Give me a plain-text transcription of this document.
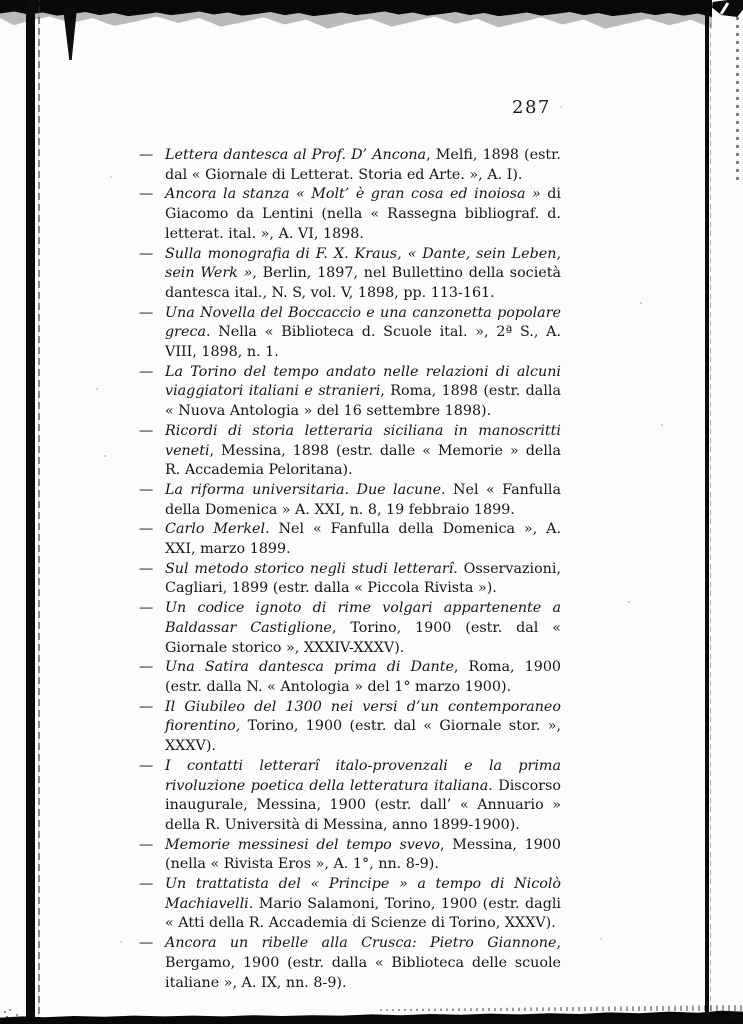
287

— Lettera dantesca al Prof. D’ Ancona, Melfi, 1898 (estr. dal « Giornale di Letterat. Storia ed Arte. », A. I).

— Ancora la stanza « Molt’ è gran cosa ed inoiosa » di Giacomo da Lentini (nella « Rassegna bibliograf. d. letterat. ital. », A. VI, 1898.

— Sulla monografia di F. X. Kraus, « Dante, sein Leben, sein Werk », Berlin, 1897, nel Bullettino della società dantesca ital., N. S, vol. V, 1898, pp. 113-161.

— Una Novella del Boccaccio e una canzonetta popolare greca. Nella « Biblioteca d. Scuole ital. », 2ª S., A. VIII, 1898, n. 1.

— La Torino del tempo andato nelle relazioni di alcuni viaggiatori italiani e stranieri, Roma, 1898 (estr. dalla « Nuova Antologia » del 16 settembre 1898).

— Ricordi di storia letteraria siciliana in manoscritti veneti, Messina, 1898 (estr. dalle « Memorie » della R. Accademia Peloritana).

— La riforma universitaria. Due lacune. Nel « Fanfulla della Domenica » A. XXI, n. 8, 19 febbraio 1899.

— Carlo Merkel. Nel « Fanfulla della Domenica », A. XXI, marzo 1899.

— Sul metodo storico negli studi letterarî. Osservazioni, Cagliari, 1899 (estr. dalla « Piccola Rivista »).

— Un codice ignoto di rime volgari appartenente a Baldassar Castiglione, Torino, 1900 (estr. dal « Giornale storico », XXXIV-XXXV).

— Una Satira dantesca prima di Dante, Roma, 1900 (estr. dalla N. « Antologia » del 1° marzo 1900).

— Il Giubileo del 1300 nei versi d’un contemporaneo fiorentino, Torino, 1900 (estr. dal « Giornale stor. », XXXV).

— I contatti letterarî italo-provenzali e la prima rivoluzione poetica della letteratura italiana. Discorso inaugurale, Messina, 1900 (estr. dall’ « Annuario » della R. Università di Messina, anno 1899-1900).

— Memorie messinesi del tempo svevo, Messina, 1900 (nella « Rivista Eros », A. 1°, nn. 8-9).

— Un trattatista del « Principe » a tempo di Nicolò Machiavelli. Mario Salamoni, Torino, 1900 (estr. dagli « Atti della R. Accademia di Scienze di Torino, XXXV).

— Ancora un ribelle alla Crusca: Pietro Giannone, Bergamo, 1900 (estr. dalla « Biblioteca delle scuole italiane », A. IX, nn. 8-9).
